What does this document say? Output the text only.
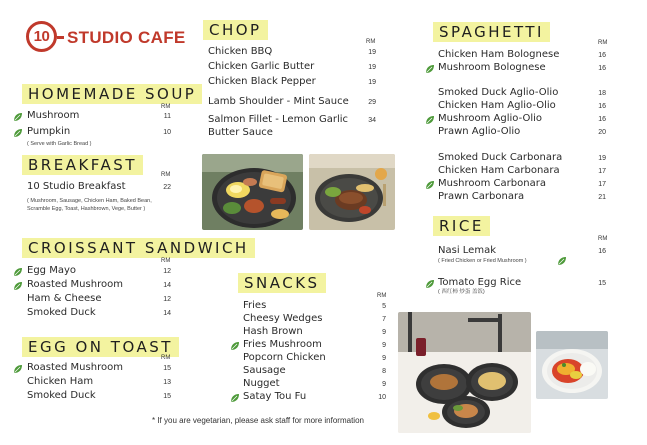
10 STUDIO CAFE
HOMEMADE SOUP
RM
Mushroom	11
Pumpkin	10
( Serve with Garlic Bread )
BREAKFAST
RM
10 Studio Breakfast	22
( Mushroom, Sausage, Chicken Ham, Baked Bean,
Scramble Egg, Toast, Hashbrown, Vege, Butter )
CROISSANT SANDWICH
RM
Egg Mayo	12
Roasted Mushroom	14
Ham & Cheese	12
Smoked Duck	14
EGG ON TOAST
RM
Roasted Mushroom	15
Chicken Ham	13
Smoked Duck	15
CHOP
RM
Chicken BBQ	19
Chicken Garlic Butter	19
Chicken Black Pepper	19
Lamb Shoulder - Mint Sauce	29
Salmon Fillet - Lemon Garlic
Butter Sauce
34
SNACKS
RM
Fries	5
Cheesy Wedges	7
Hash Brown	9
Fries Mushroom	9
Popcorn Chicken	9
Sausage	8
Nugget	9
Satay Tou Fu	10
* If you are vegetarian, please ask staff for more information
SPAGHETTI
RM
Chicken Ham Bolognese	16
Mushroom Bolognese	16
Smoked Duck Aglio-Olio	18
Chicken Ham Aglio-Olio	16
Mushroom Aglio-Olio	16
Prawn Aglio-Olio	20
Smoked Duck Carbonara	19
Chicken Ham Carbonara	17
Mushroom Carbonara	17
Prawn Carbonara	21
RICE
RM
Nasi Lemak	16
( Fried Chicken or Fried Mushroom )
Tomato Egg Rice	15
( 西红柿 炒蛋 盖饭)
